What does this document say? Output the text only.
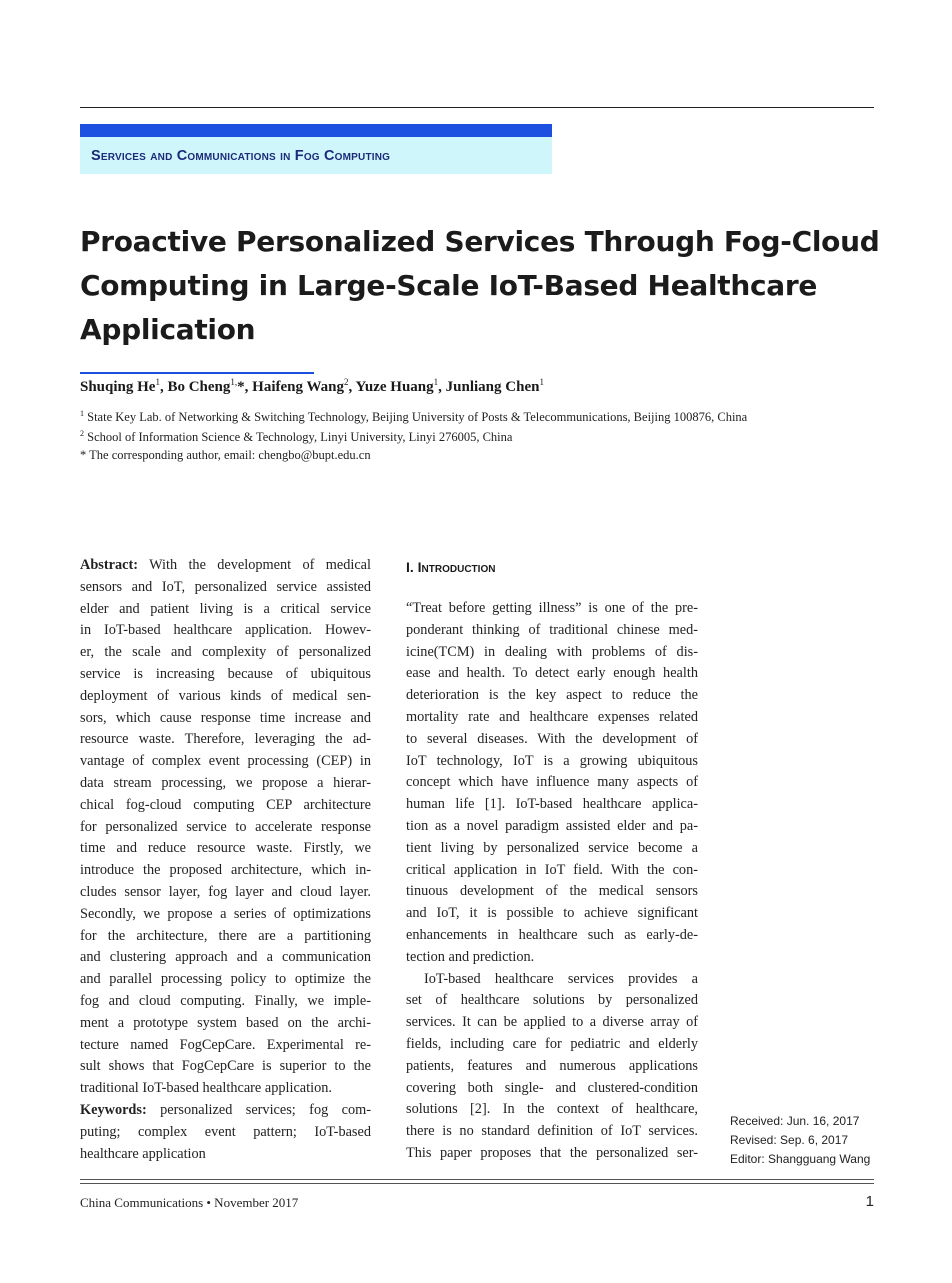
Services and Communications in Fog Computing
Proactive Personalized Services Through Fog-Cloud
Computing in Large-Scale IoT-Based Healthcare
Application
Shuqing He$^1$, Bo Cheng$^{1,}$*, Haifeng Wang$^2$, Yuze Huang$^1$, Junliang Chen$^1$
$^1$ State Key Lab. of Networking & Switching Technology, Beijing University of Posts & Telecommunications, Beijing 100876, China
$^2$ School of Information Science & Technology, Linyi University, Linyi 276005, China
* The corresponding author, email: chengbo@bupt.edu.cn

Abstract: With the development of medical
sensors and IoT, personalized service assisted
elder and patient living is a critical service
in IoT-based healthcare application. Howev-
er, the scale and complexity of personalized
service is increasing because of ubiquitous
deployment of various kinds of medical sen-
sors, which cause response time increase and
resource waste. Therefore, leveraging the ad-
vantage of complex event processing (CEP) in
data stream processing, we propose a hierar-
chical fog-cloud computing CEP architecture
for personalized service to accelerate response
time and reduce resource waste. Firstly, we
introduce the proposed architecture, which in-
cludes sensor layer, fog layer and cloud layer.
Secondly, we propose a series of optimizations
for the architecture, there are a partitioning
and clustering approach and a communication
and parallel processing policy to optimize the
fog and cloud computing. Finally, we imple-
ment a prototype system based on the archi-
tecture named FogCepCare. Experimental re-
sult shows that FogCepCare is superior to the
traditional IoT-based healthcare application.

Keywords: personalized services; fog com-
puting; complex event pattern; IoT-based
healthcare application

I. Introduction

“Treat before getting illness” is one of the pre-
ponderant thinking of traditional chinese med-
icine(TCM) in dealing with problems of dis-
ease and health. To detect early enough health
deterioration is the key aspect to reduce the
mortality rate and healthcare expenses related
to several diseases. With the development of
IoT technology, IoT is a growing ubiquitous
concept which have influence many aspects of
human life [1]. IoT-based healthcare applica-
tion as a novel paradigm assisted elder and pa-
tient living by personalized service become a
critical application in IoT field. With the con-
tinuous development of the medical sensors
and IoT, it is possible to achieve significant
enhancements in healthcare such as early-de-
tection and prediction.

IoT-based healthcare services provides a
set of healthcare solutions by personalized
services. It can be applied to a diverse array of
fields, including care for pediatric and elderly
patients, features and numerous applications
covering both single- and clustered-condition
solutions [2]. In the context of healthcare,
there is no standard definition of IoT services.
This paper proposes that the personalized ser-

Received: Jun. 16, 2017
Revised: Sep. 6, 2017
Editor: Shangguang Wang
China Communications • November 2017	1
